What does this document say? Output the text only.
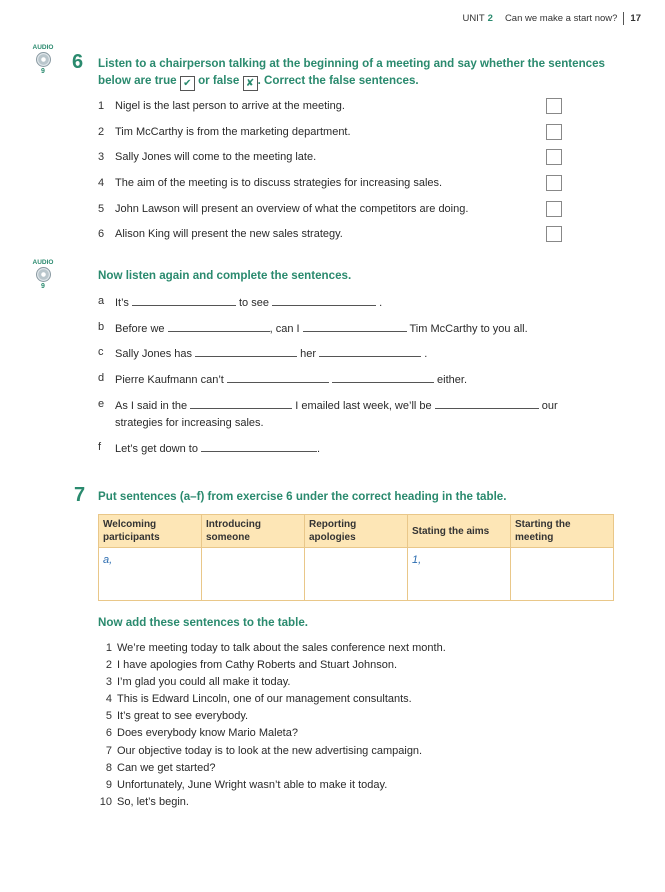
UNIT 2 Can we make a start now? 17
AUDIO
9	6 Listen to a chairperson talking at the beginning of a meeting and say whether the sentences below are true ✔ or false ✘ . Correct the false sentences.
1 Nigel is the last person to arrive at the meeting.
2 Tim McCarthy is from the marketing department.
3 Sally Jones will come to the meeting late.
4 The aim of the meeting is to discuss strategies for increasing sales.
5 John Lawson will present an overview of what the competitors are doing.
6 Alison King will present the new sales strategy.
AUDIO
9
Now listen again and complete the sentences.
a It’s	to see	.
b Before we	, can I	Tim McCarthy to you all.
c	Sally Jones has	her	.
d Pierre Kaufmann can’t	either.
e As I said in the	I emailed last week, we’ll be	our
strategies for increasing sales.
f	Let’s get down to	.
7 Put sentences (a–f) from exercise 6 under the correct heading in the table.
Welcoming participants	Introducing someone	Reporting apologies	Stating the aims	Starting the meeting
a,			1,	
Now add these sentences to the table.
1 We’re meeting today to talk about the sales conference next month.
2 I have apologies from Cathy Roberts and Stuart Johnson.
3 I’m glad you could all make it today.
4 This is Edward Lincoln, one of our management consultants.
5 It’s great to see everybody.
6 Does everybody know Mario Maleta?
7 Our objective today is to look at the new advertising campaign.
8 Can we get started?
9 Unfortunately, June Wright wasn’t able to make it today.
10 So, let’s begin.
